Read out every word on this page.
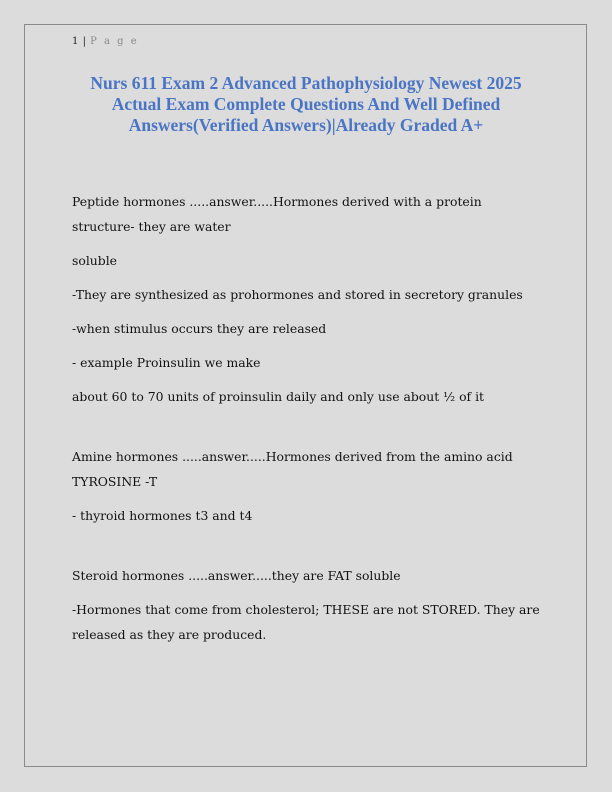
1 | P a g e
Nurs 611 Exam 2 Advanced Pathophysiology Newest 2025 Actual Exam Complete Questions And Well Defined Answers(Verified Answers)|Already Graded A+

Peptide hormones .....answer.....Hormones derived with a protein structure- they are water

soluble

-They are synthesized as prohormones and stored in secretory granules

-when stimulus occurs they are released

- example Proinsulin we make

about 60 to 70 units of proinsulin daily and only use about ½ of it

Amine hormones .....answer.....Hormones derived from the amino acid TYROSINE -T

- thyroid hormones t3 and t4

Steroid hormones .....answer.....they are FAT soluble

-Hormones that come from cholesterol; THESE are not STORED. They are released as they are produced.
